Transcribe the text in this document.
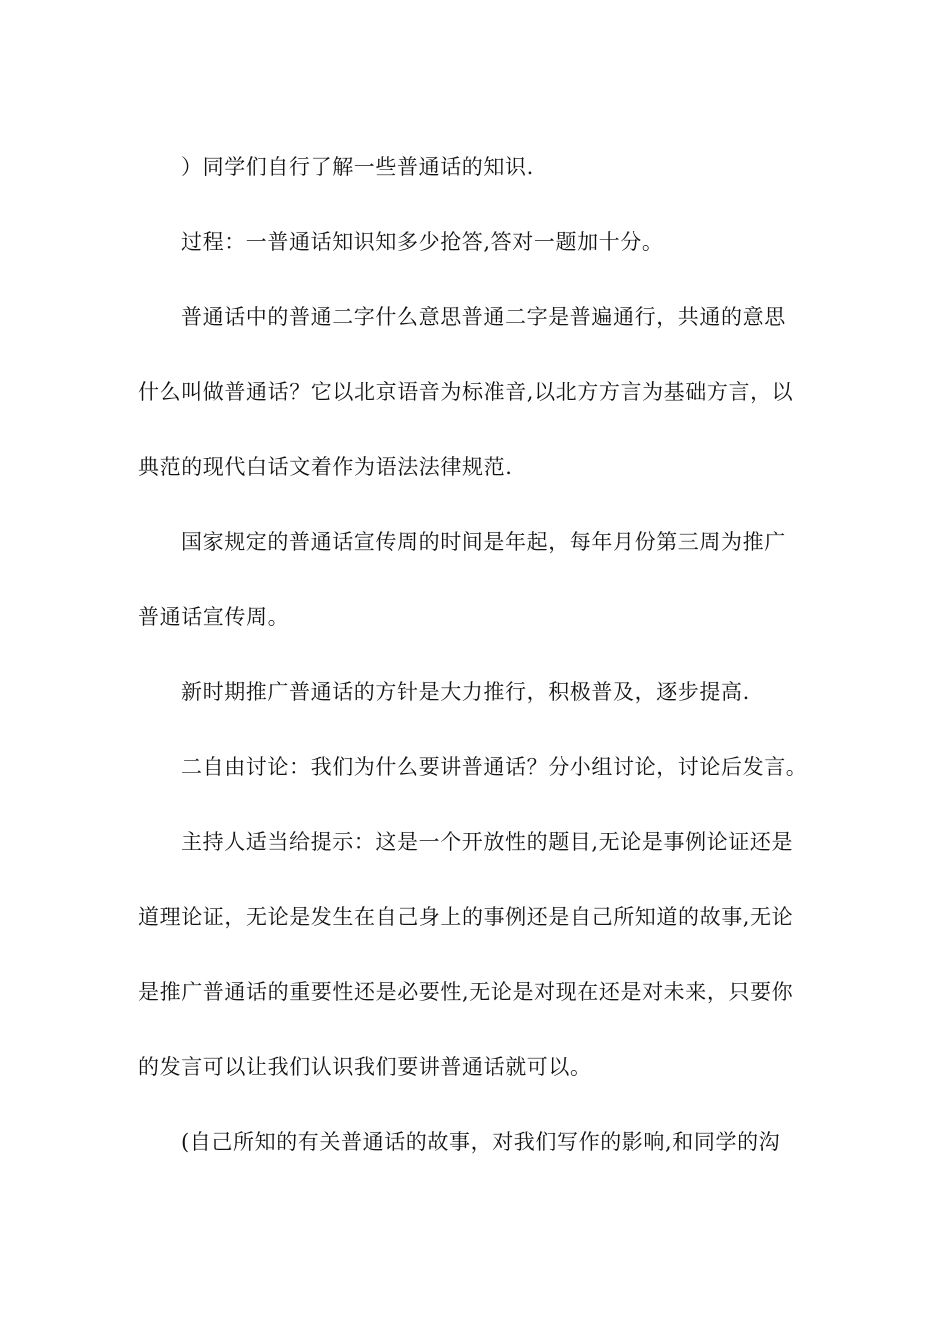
）同学们自行了解一些普通话的知识.
过程：一普通话知识知多少抢答,答对一题加十分。
普通话中的普通二字什么意思普通二字是普遍通行，共通的意思
什么叫做普通话？它以北京语音为标准音,以北方方言为基础方言，以
典范的现代白话文着作为语法法律规范.
国家规定的普通话宣传周的时间是年起，每年月份第三周为推广
普通话宣传周。
新时期推广普通话的方针是大力推行，积极普及，逐步提高.
二自由讨论：我们为什么要讲普通话？分小组讨论，讨论后发言。
主持人适当给提示：这是一个开放性的题目,无论是事例论证还是
道理论证，无论是发生在自己身上的事例还是自己所知道的故事,无论
是推广普通话的重要性还是必要性,无论是对现在还是对未来，只要你
的发言可以让我们认识我们要讲普通话就可以。
(自己所知的有关普通话的故事，对我们写作的影响,和同学的沟
